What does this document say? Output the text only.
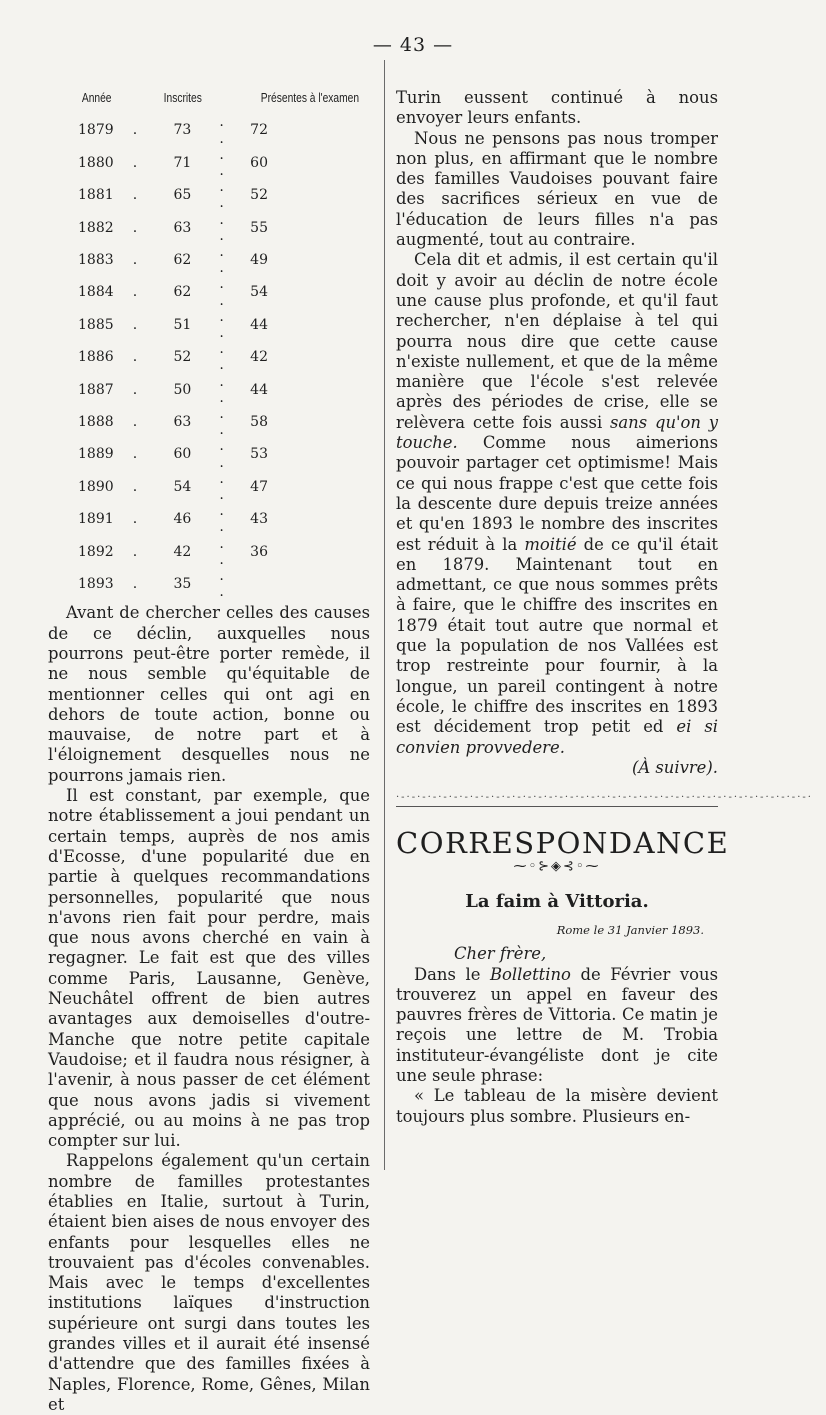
— 43 —
Année		Inscrites		Présentes à l'examen
1879	.	73	. .	72
1880	.	71	. .	60
1881	.	65	. .	52
1882	.	63	. .	55
1883	.	62	. .	49
1884	.	62	. .	54
1885	.	51	. .	44
1886	.	52	. .	42
1887	.	50	. .	44
1888	.	63	. .	58
1889	.	60	. .	53
1890	.	54	. .	47
1891	.	46	. .	43
1892	.	42	. .	36
1893	.	35	. .	

Avant de chercher celles des causes de ce déclin, auxquelles nous pourrons peut-être porter remède, il ne nous semble qu'équitable de mentionner celles qui ont agi en dehors de toute action, bonne ou mauvaise, de notre part et à l'éloignement desquelles nous ne pourrons jamais rien.

Il est constant, par exemple, que notre établissement a joui pendant un certain temps, auprès de nos amis d'Ecosse, d'une popularité due en partie à quelques recommandations personnelles, popularité que nous n'avons rien fait pour perdre, mais que nous avons cherché en vain à regagner. Le fait est que des villes comme Paris, Lausanne, Genève, Neuchâtel offrent de bien autres avantages aux demoiselles d'outre-Manche que notre petite capitale Vaudoise; et il faudra nous résigner, à l'avenir, à nous passer de cet élément que nous avons jadis si vivement apprécié, ou au moins à ne pas trop compter sur lui.

Rappelons également qu'un certain nombre de familles protestantes établies en Italie, surtout à Turin, étaient bien aises de nous envoyer des enfants pour lesquelles elles ne trouvaient pas d'écoles convenables. Mais avec le temps d'excellentes institutions laïques d'instruction supérieure ont surgi dans toutes les grandes villes et il aurait été insensé d'attendre que des familles fixées à Naples, Florence, Rome, Gênes, Milan et

Turin eussent continué à nous envoyer leurs enfants.

Nous ne pensons pas nous tromper non plus, en affirmant que le nombre des familles Vaudoises pouvant faire des sacrifices sérieux en vue de l'éducation de leurs filles n'a pas augmenté, tout au contraire.

Cela dit et admis, il est certain qu'il doit y avoir au déclin de notre école une cause plus profonde, et qu'il faut rechercher, n'en déplaise à tel qui pourra nous dire que cette cause n'existe nullement, et que de la même manière que l'école s'est relevée après des périodes de crise, elle se relèvera cette fois aussi sans qu'on y touche. Comme nous aimerions pouvoir partager cet optimisme! Mais ce qui nous frappe c'est que cette fois la descente dure depuis treize années et qu'en 1893 le nombre des inscrites est réduit à la moitié de ce qu'il était en 1879. Maintenant tout en admettant, ce que nous sommes prêts à faire, que le chiffre des inscrites en 1879 était tout autre que normal et que la population de nos Vallées est trop restreinte pour fournir, à la longue, un pareil contingent à notre école, le chiffre des inscrites en 1893 est décidement trop petit ed ei si convien provvedere.

(À suivre).

·-·-·-·-·-·-·-·-·-·-·-·-·-·-·-·-·-·-·-·-·-·-·-·-·-·-·-·-·-·-·-·-·-·-·-·-·-·-·-·
CORRESPONDANCE
⁓◦⊱◈⊰◦⁓
La faim à Vittoria.
Rome le 31 Janvier 1893.

Cher frère,

Dans le Bollettino de Février vous trouverez un appel en faveur des pauvres frères de Vittoria. Ce matin je reçois une lettre de M. Trobia instituteur-évangéliste dont je cite une seule phrase:

« Le tableau de la misère devient toujours plus sombre. Plusieurs en-
